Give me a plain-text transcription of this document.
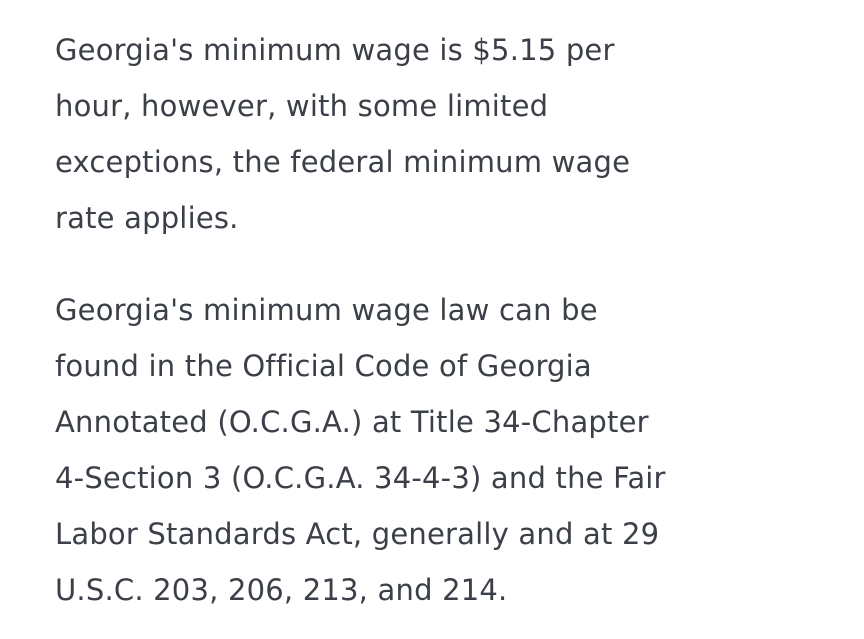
Georgia's minimum wage is $5.15 per
hour, however, with some limited
exceptions, the federal minimum wage
rate applies.

Georgia's minimum wage law can be
found in the Official Code of Georgia
Annotated (O.C.G.A.) at Title 34-Chapter
4-Section 3 (O.C.G.A. 34-4-3) and the Fair
Labor Standards Act, generally and at 29
U.S.C. 203, 206, 213, and 214.
